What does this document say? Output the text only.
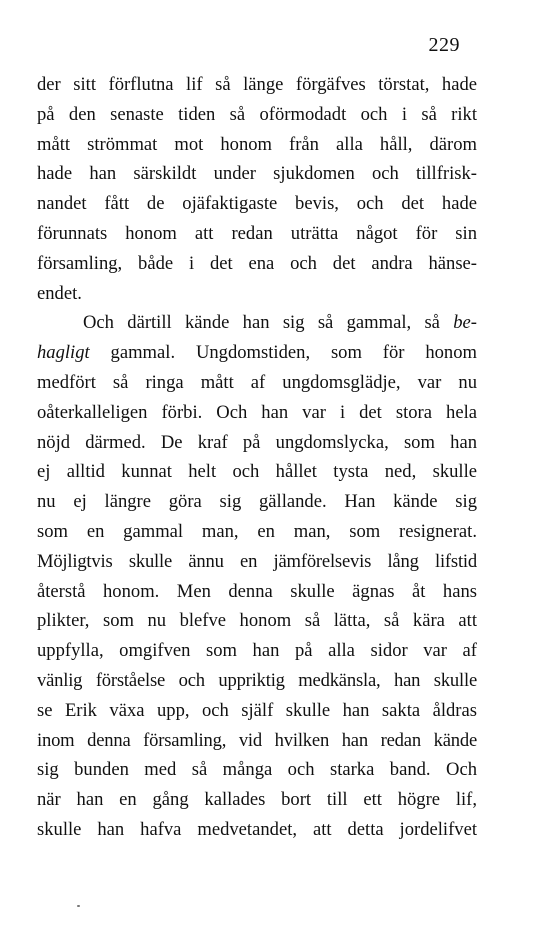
229
der sitt förflutna lif så länge förgäfves törstat, hade
på den senaste tiden så oförmodadt och i så rikt
mått strömmat mot honom från alla håll, därom
hade han särskildt under sjukdomen och tillfrisk-
nandet fått de ojäfaktigaste bevis, och det hade
förunnats honom att redan uträtta något för sin
församling, både i det ena och det andra hänse-
endet.
Och därtill kände han sig så gammal, så be-
hagligt gammal. Ungdomstiden, som för honom
medfört så ringa mått af ungdomsglädje, var nu
oåterkalleligen förbi. Och han var i det stora hela
nöjd därmed. De kraf på ungdomslycka, som han
ej alltid kunnat helt och hållet tysta ned, skulle
nu ej längre göra sig gällande. Han kände sig
som en gammal man, en man, som resignerat.
Möjligtvis skulle ännu en jämförelsevis lång lifstid
återstå honom. Men denna skulle ägnas åt hans
plikter, som nu blefve honom så lätta, så kära att
uppfylla, omgifven som han på alla sidor var af
vänlig förståelse och uppriktig medkänsla, han skulle
se Erik växa upp, och själf skulle han sakta åldras
inom denna församling, vid hvilken han redan kände
sig bunden med så många och starka band. Och
när han en gång kallades bort till ett högre lif,
skulle han hafva medvetandet, att detta jordelifvet
